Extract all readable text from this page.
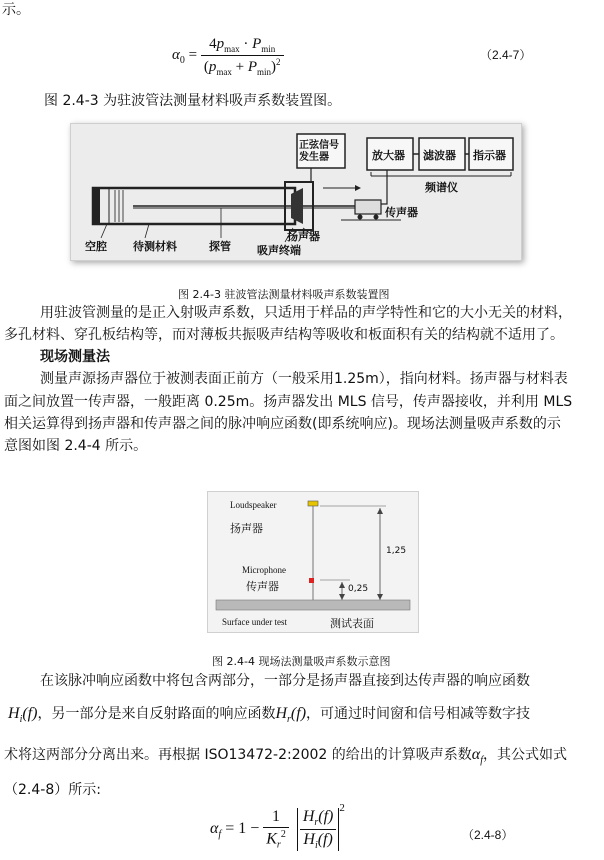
示。
$\alpha_0 = \frac{4p_{max} \cdot P_{min}}{(p_{max} + P_{min})^2}$	（2.4-7）
图 2.4-3 为驻波管法测量材料吸声系数装置图。
正弦信号
发生器	放大器 滤波器 指示器
频谱仪
传声器
空腔 待测材料	探管 吸声终端
扬声器
图 2.4-3 驻波管法测量材料吸声系数装置图
用驻波管测量的是正入射吸声系数，只适用于样品的声学特性和它的大小无关的材料，
多孔材料、穿孔板结构等，而对薄板共振吸声结构等吸收和板面积有关的结构就不适用了。
现场测量法
测量声源扬声器位于被测表面正前方（一般采用1.25m），指向材料。扬声器与材料表
面之间放置一传声器，一般距离 0.25m。扬声器发出 MLS 信号，传声器接收，并利用 MLS
相关运算得到扬声器和传声器之间的脉冲响应函数(即系统响应)。现场法测量吸声系数的示
意图如图 2.4-4 所示。
Loudspeaker
扬声器
Microphone
传声器
1,25
0,25
Surface under test	测试表面
图 2.4-4 现场法测量吸声系数示意图
在该脉冲响应函数中将包含两部分，一部分是扬声器直接到达传声器的响应函数
$H_i(f)$，另一部分是来自反射路面的响应函数$H_r(f)$，可通过时间窗和信号相减等数字技
术将这两部分分离出来。再根据 ISO13472-2:2002 的给出的计算吸声系数$\alpha_f$，其公式如式
（2.4-8）所示:
$\alpha_f = 1 - \frac{1}{K_r^2}$
$\frac{H_r(f)}{H_i(f)} ^2$
（2.4-8）
